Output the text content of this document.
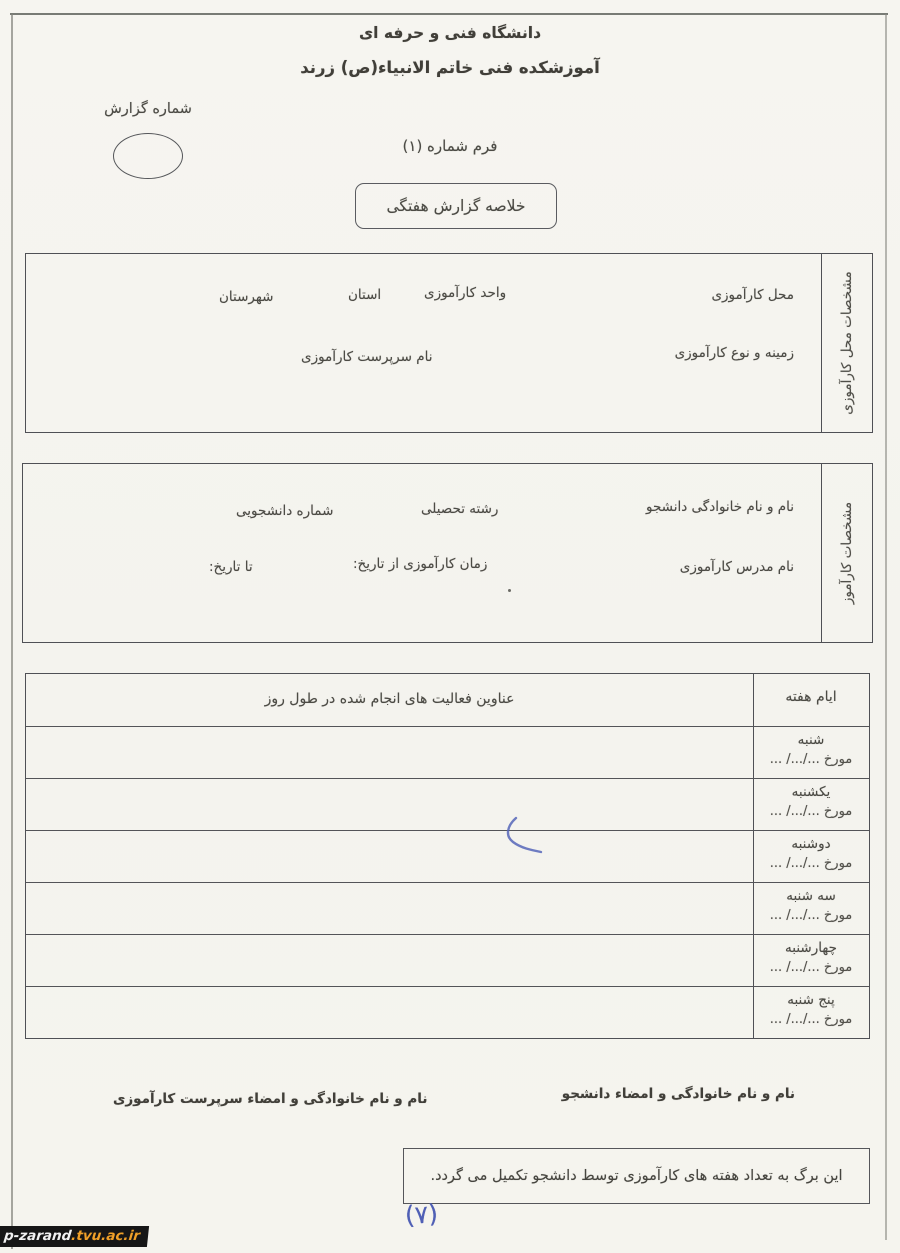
دانشگاه فنی و حرفه ای
آموزشکده فنی خاتم الانبیاء(ص) زرند
شماره گزارش
فرم شماره (۱)
خلاصه گزارش هفتگی
مشخصات محل کارآموزی
محل کارآموزی
واحد کارآموزی
استان
شهرستان
زمینه و نوع کارآموزی
نام سرپرست کارآموزی
مشخصات کارآموز
نام و نام خانوادگی دانشجو
رشته تحصیلی
شماره دانشجویی
نام مدرس کارآموزی
زمان کارآموزی از تاریخ:
تا تاریخ:
عناوین فعالیت های انجام شده در طول روز	ایام هفته
شنبه
مورخ .../.../ ...
یکشنبه
مورخ .../.../ ...
دوشنبه
مورخ .../.../ ...
سه شنبه
مورخ .../.../ ...
چهارشنبه
مورخ .../.../ ...
پنج شنبه
مورخ .../.../ ...
نام و نام خانوادگی و امضاء دانشجو
نام و نام خانوادگی و امضاء سرپرست کارآموزی
این برگ به تعداد هفته های کارآموزی توسط دانشجو تکمیل می گردد.
(۷)
p-zarand
.tvu.ac.ir
